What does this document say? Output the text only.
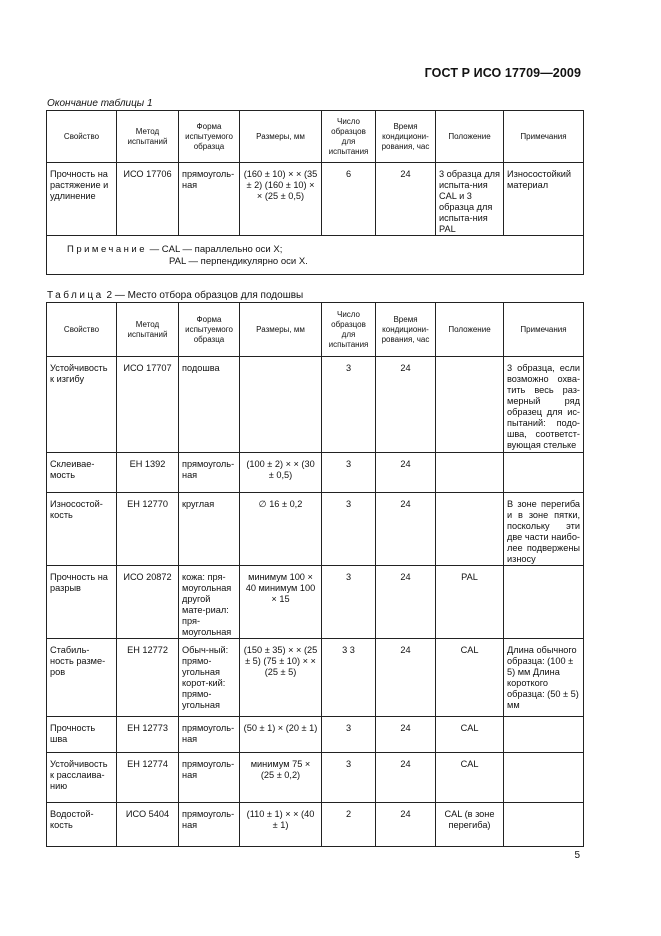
ГОСТ Р ИСО 17709—2009
Окончание таблицы 1
Свойство	Метод испытаний	Форма испытуемого образца	Размеры, мм	Число образцов для испытания	Время кондициони-рования, час	Положение	Примечания
Прочность на растяжение и удлинение	ИСО 17706	прямоуголь-ная	(160 ± 10) × × (35 ± 2) (160 ± 10) × × (25 ± 0,5)	6	24	3 образца для испыта-ния CAL и 3 образца для испыта-ния PAL	Износостойкий материал

Примечание — CAL — параллельно оси X;
PAL — перпендикулярно оси X.							
Таблица 2 — Место отбора образцов для подошвы
Свойство	Метод испытаний	Форма испытуемого образца	Размеры, мм	Число образцов для испытания	Время кондициони-рования, час	Положение	Примечания
Устойчивость к изгибу	ИСО 17707	подошва		3	24		3 образца, если возможно охва-тить весь раз-мерный ряд образец для ис-пытаний: подо-шва, соответст-вующая стельке
Склеивае-мость	ЕН 1392	прямоуголь-ная	(100 ± 2) × × (30 ± 0,5)	3	24		
Износостой-кость	ЕН 12770	круглая	∅ 16 ± 0,2	3	24		В зоне перегиба и в зоне пятки, поскольку эти две части наибо-лее подвержены износу
Прочность на разрыв	ИСО 20872	кожа: пря-моугольная другой мате-риал: пря-моугольная	минимум 100 × 40 минимум 100 × 15	3	24	PAL	
Стабиль-ность разме-ров	ЕН 12772	Обыч-ный: прямо-угольная корот-кий: прямо-угольная	(150 ± 35) × × (25 ± 5) (75 ± 10) × × (25 ± 5)	3 3	24	CAL	Длина обычного образца: (100 ± 5) мм Длина короткого образца: (50 ± 5) мм
Прочность шва	ЕН 12773	прямоуголь-ная	(50 ± 1) × (20 ± 1)	3	24	CAL	
Устойчивость к расслаива-нию	ЕН 12774	прямоуголь-ная	минимум 75 × (25 ± 0,2)	3	24	CAL	
Водостой-кость	ИСО 5404	прямоуголь-ная	(110 ± 1) × × (40 ± 1)	2	24	CAL (в зоне перегиба)	
5
